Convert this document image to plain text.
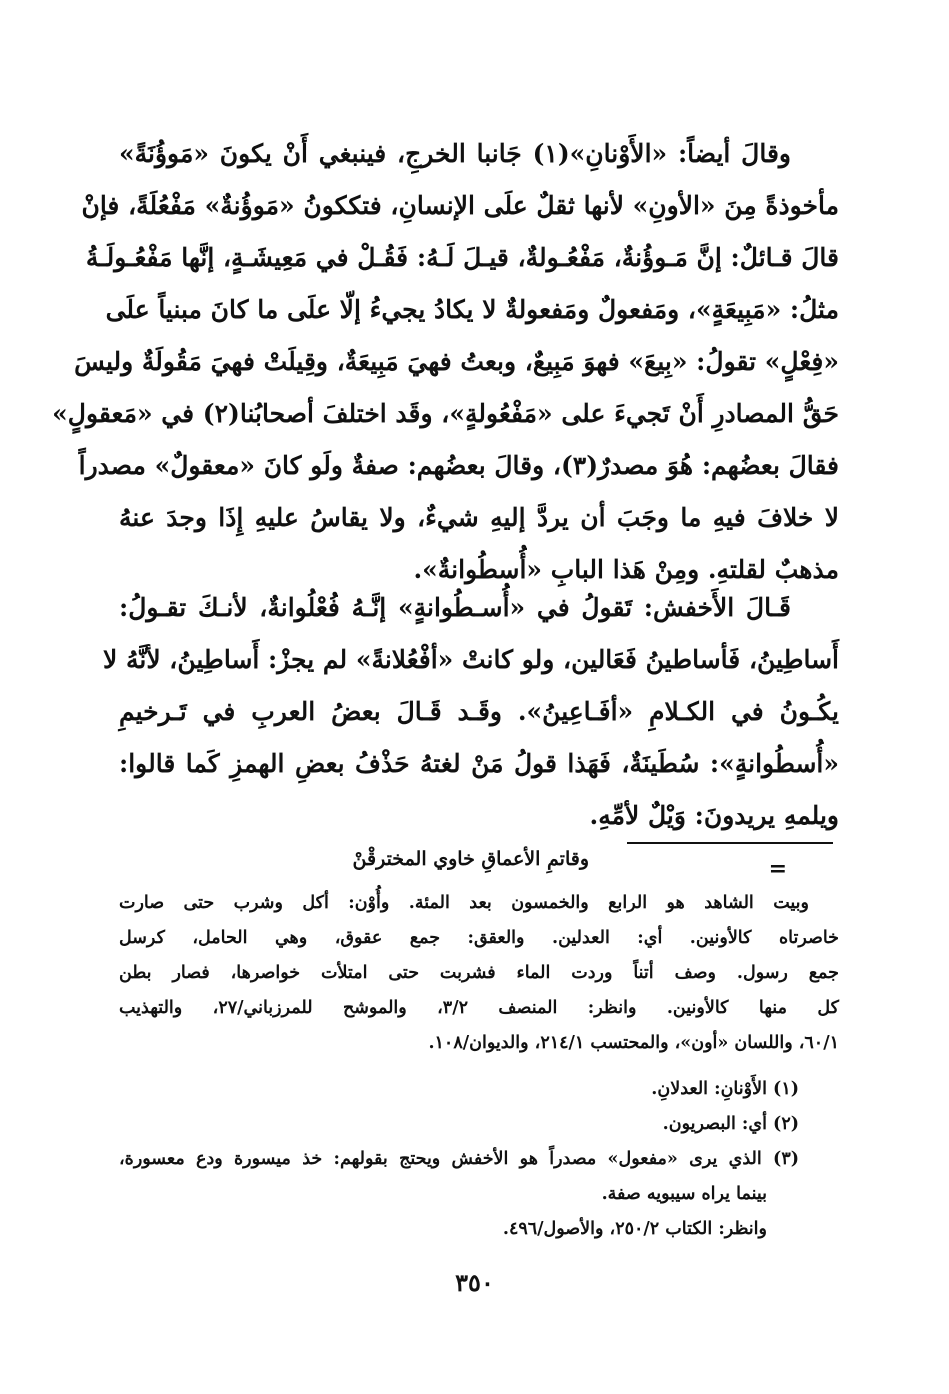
وقالَ أيضاً: «الأَوْنانِ»(١) جَانبا الخرجِ، فينبغي أَنْ يكونَ «مَوؤُنَةً»
مأخوذةً مِنَ «الأونِ» لأنها ثقلٌ علَى الإنسانِ، فتككونُ «مَوؤُنةٌ» مَفْعُلَةً، فإنْ
قالَ قـائلٌ: إنَّ مَـوؤُنةٌ، مَفْعُـولةٌ، قيـلَ لَـهُ: فَقُـلْ في مَعِيشَـةٍ، إنَّها مَفْعُـولَـةُ
مثلُ: «مَبِيعَةٍ»، ومَفعولٌ ومَفعولةٌ لا يكادُ يجيءُ إلّا علَى ما كانَ مبنياً علَى
«فِعْلٍ» تقولُ: «بِيعَ» فهوَ مَبِيعٌ، وبعتُ فهيَ مَبِيعَةٌ، وقِيلَتْ فهيَ مَقُولَةٌ وليسَ
حَقُّ المصادرِ أَنْ تَجيءَ على «مَفْعُولةٍ»، وقَد اختلفَ أصحابُنا(٢) في «مَعقولٍ»
فقالَ بعضُهم: هُوَ مصدرٌ(٣)، وقالَ بعضُهم: صفةٌ ولَو كانَ «معقولٌ» مصدراً
لا خلافَ فيهِ ما وجَبَ أن يردَّ إليهِ شيءٌ، ولا يقاسُ عليهِ إِذَا وجدَ عنهُ
مذهبٌ لقلتهِ. ومِنْ هَذا البابِ «أُسطُوانةٌ».
قَـالَ الأَخفش: تَقولُ في «أُسـطُوانةٍ» إنَّـهُ فُعْلُوانةٌ، لأنـكَ تقـولُ:
أَساطِينُ، فَأساطينُ فَعَالين، ولو كانتْ «أفْعُلانةً» لم يجزْ: أَساطِينُ، لأنَّهُ لا
يكُـونُ في الكـلامِ «أفَـاعِينُ». وقَـد قَـالَ بعضُ العربِ في تَـرخيمِ
«أُسطُوانةٍ»: سُطَينَةٌ، فَهَذا قولُ مَنْ لغتهُ حَذْفُ بعضِ الهمزِ كَما قالوا:
ويلمهِ يريدونَ: وَيْلٌ لأمِّهِ.
=
وقاتمِ الأعماقِ خاوي المخترقْنْ
وبيت الشاهد هو الرابع والخمسون بعد المئة. وأُوْن: أكل وشرب حتى صارت
خاصرتاه كالأونين. أي: العدلين. والعقق: جمع عقوق، وهي الحامل، كرسل
جمع رسول. وصف أتناً وردت الماء فشربت حتى امتلأت خواصرها، فصار بطن
كل منها كالأونين. وانظر: المنصف ٣/٢، والموشح للمرزباني/٢٧، والتهذيب
٦٠/١، واللسان «أون»، والمحتسب ٢١٤/١، والديوان/١٠٨.
(١) الأَوْنانِ: العدلانِ.
(٢) أي: البصريون.
(٣) الذي يرى «مفعول» مصدراً هو الأخفش ويحتج بقولهم: خذ ميسورة ودع معسورة،
بينما يراه سيبويه صفة.
وانظر: الكتاب ٢٥٠/٢، والأصول/٤٩٦.
٣٥٠
